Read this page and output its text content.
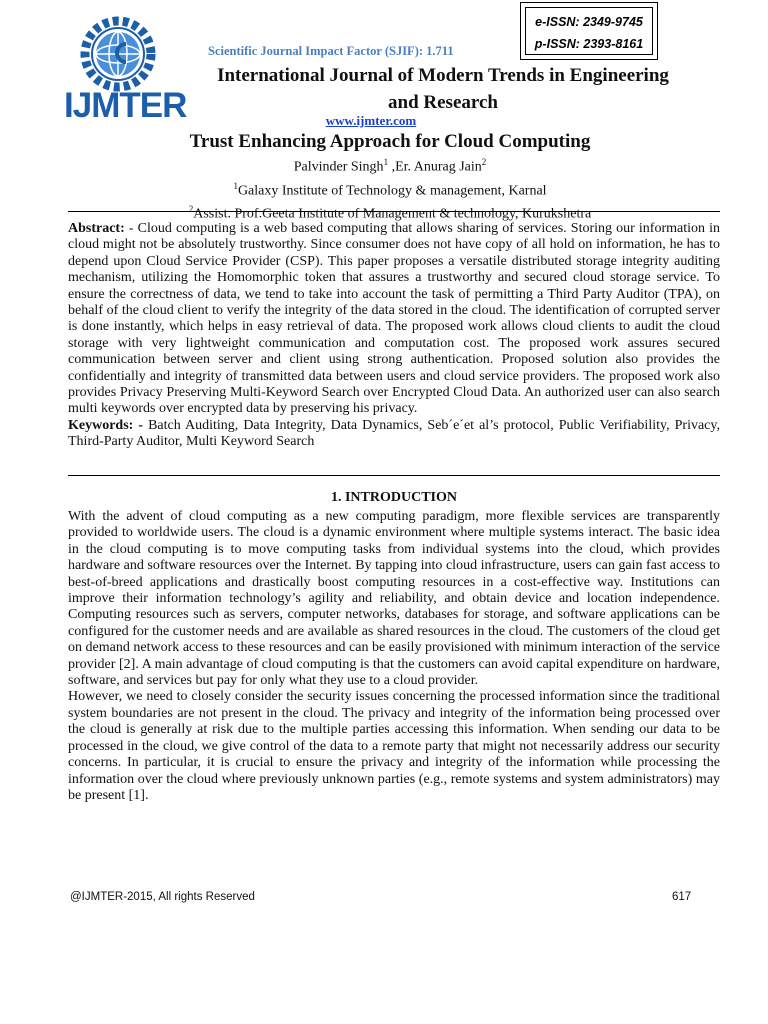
IJMTER
Scientific Journal Impact Factor (SJIF): 1.711
e-ISSN: 2349-9745
p-ISSN: 2393-8161
International Journal of Modern Trends in Engineering
and Research
www.ijmter.com
Trust Enhancing Approach for Cloud Computing
Palvinder Singh$^1$ ,Er. Anurag Jain$^2$
$^1$Galaxy Institute of Technology & management, Karnal
$^2$Assist. Prof.Geeta Institute of Management & technology, Kurukshetra

Abstract: - Cloud computing is a web based computing that allows sharing of services. Storing our information in cloud might not be absolutely trustworthy. Since consumer does not have copy of all hold on information, he has to depend upon Cloud Service Provider (CSP). This paper proposes a versatile distributed storage integrity auditing mechanism, utilizing the Homomorphic token that assures a trustworthy and secured cloud storage service. To ensure the correctness of data, we tend to take into account the task of permitting a Third Party Auditor (TPA), on behalf of the cloud client to verify the integrity of the data stored in the cloud. The identification of corrupted server is done instantly, which helps in easy retrieval of data. The proposed work allows cloud clients to audit the cloud storage with very lightweight communication and computation cost. The proposed work assures secured communication between server and client using strong authentication. Proposed solution also provides the confidentially and integrity of transmitted data between users and cloud service providers. The proposed work also provides Privacy Preserving Multi-Keyword Search over Encrypted Cloud Data. An authorized user can also search multi keywords over encrypted data by preserving his privacy.

Keywords: - Batch Auditing, Data Integrity, Data Dynamics, Seb´e´et al’s protocol, Public Verifiability, Privacy, Third-Party Auditor, Multi Keyword Search

1. INTRODUCTION

With the advent of cloud computing as a new computing paradigm, more flexible services are transparently provided to worldwide users. The cloud is a dynamic environment where multiple systems interact. The basic idea in the cloud computing is to move computing tasks from individual systems into the cloud, which provides hardware and software resources over the Internet. By tapping into cloud infrastructure, users can gain fast access to best-of-breed applications and drastically boost computing resources in a cost-effective way. Institutions can improve their information technology’s agility and reliability, and obtain device and location independence. Computing resources such as servers, computer networks, databases for storage, and software applications can be configured for the customer needs and are available as shared resources in the cloud. The customers of the cloud get on demand network access to these resources and can be easily provisioned with minimum interaction of the service provider [2]. A main advantage of cloud computing is that the customers can avoid capital expenditure on hardware, software, and services but pay for only what they use to a cloud provider.

However, we need to closely consider the security issues concerning the processed information since the traditional system boundaries are not present in the cloud. The privacy and integrity of the information being processed over the cloud is generally at risk due to the multiple parties accessing this information. When sending our data to be processed in the cloud, we give control of the data to a remote party that might not necessarily address our security concerns. In particular, it is crucial to ensure the privacy and integrity of the information while processing the information over the cloud where previously unknown parties (e.g., remote systems and system administrators) may be present [1].

@IJMTER-2015, All rights Reserved	617
